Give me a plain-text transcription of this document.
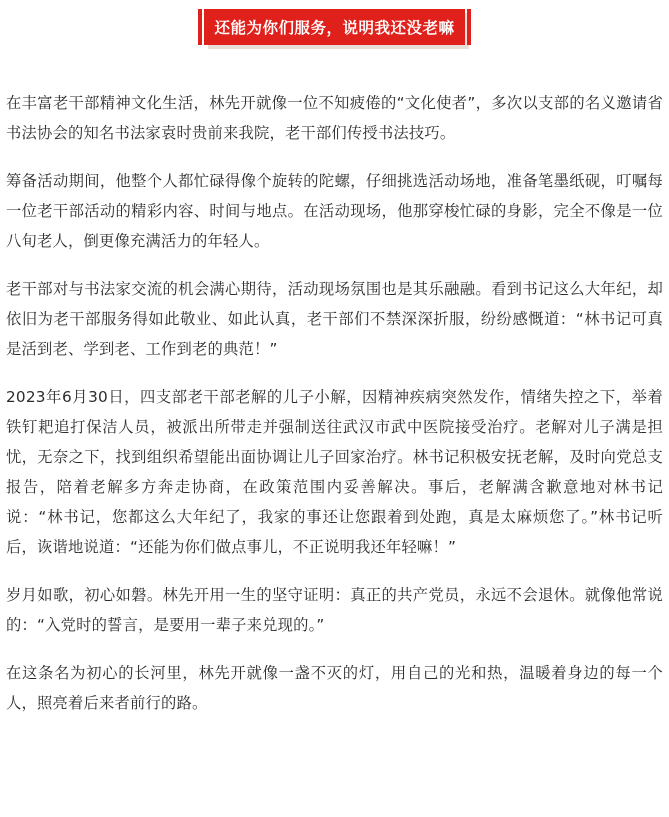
还能为你们服务，说明我还没老嘛

在丰富老干部精神文化生活，林先开就像一位不知疲倦的“文化使者”，多次以支部的名义邀请省书法协会的知名书法家袁时贵前来我院，老干部们传授书法技巧。

筹备活动期间，他整个人都忙碌得像个旋转的陀螺，仔细挑选活动场地，准备笔墨纸砚，叮嘱每一位老干部活动的精彩内容、时间与地点。在活动现场，他那穿梭忙碌的身影，完全不像是一位八旬老人，倒更像充满活力的年轻人。

老干部对与书法家交流的机会满心期待，活动现场氛围也是其乐融融。看到书记这么大年纪，却依旧为老干部服务得如此敬业、如此认真，老干部们不禁深深折服，纷纷感慨道：“林书记可真是活到老、学到老、工作到老的典范！”

2023年6月30日，四支部老干部老解的儿子小解，因精神疾病突然发作，情绪失控之下，举着铁钉耙追打保洁人员，被派出所带走并强制送往武汉市武中医院接受治疗。老解对儿子满是担忧，无奈之下，找到组织希望能出面协调让儿子回家治疗。林书记积极安抚老解，及时向党总支报告，陪着老解多方奔走协商，在政策范围内妥善解决。事后，老解满含歉意地对林书记说：“林书记，您都这么大年纪了，我家的事还让您跟着到处跑，真是太麻烦您了。”林书记听后，诙谐地说道：“还能为你们做点事儿，不正说明我还年轻嘛！”

岁月如歌，初心如磐。林先开用一生的坚守证明：真正的共产党员，永远不会退休。就像他常说的：“入党时的誓言，是要用一辈子来兑现的。”

在这条名为初心的长河里，林先开就像一盏不灭的灯，用自己的光和热，温暖着身边的每一个人，照亮着后来者前行的路。
